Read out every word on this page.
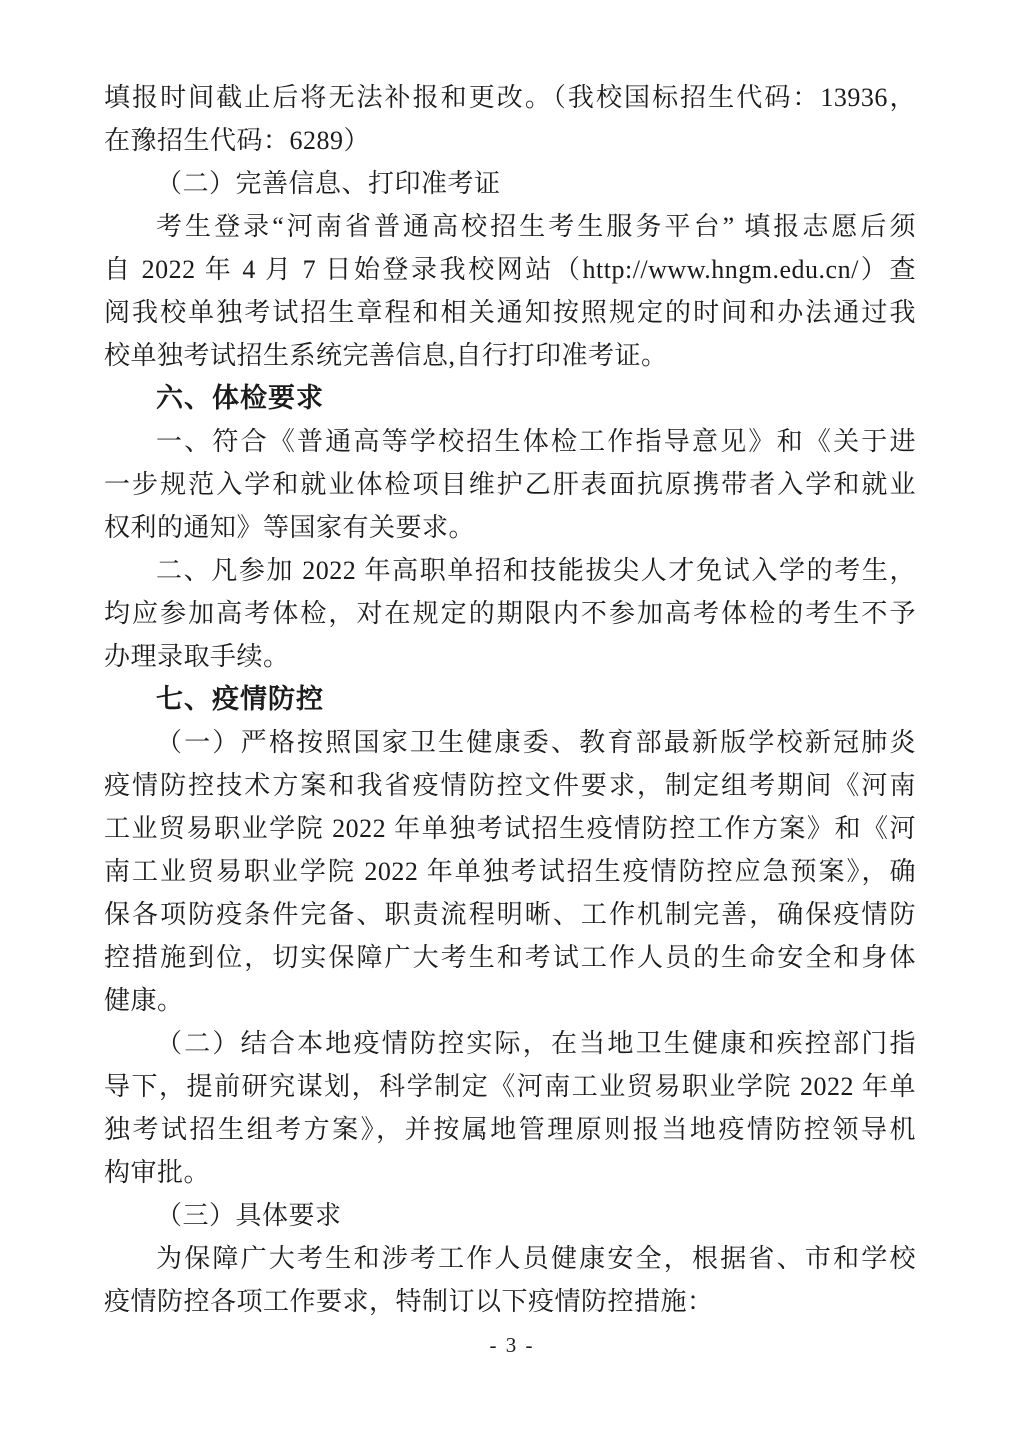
填报时间截止后将无法补报和更改。（我校国标招生代码：13936，
在豫招生代码：6289）
（二）完善信息、打印准考证
考生登录“河南省普通高校招生考生服务平台” 填报志愿后须
自 2022 年 4 月 7 日始登录我校网站（http://www.hngm.edu.cn/）查
阅我校单独考试招生章程和相关通知按照规定的时间和办法通过我
校单独考试招生系统完善信息,自行打印准考证。
六、体检要求
一、符合《普通高等学校招生体检工作指导意见》和《关于进
一步规范入学和就业体检项目维护乙肝表面抗原携带者入学和就业
权利的通知》等国家有关要求。
二、凡参加 2022 年高职单招和技能拔尖人才免试入学的考生，
均应参加高考体检，对在规定的期限内不参加高考体检的考生不予
办理录取手续。
七、疫情防控
（一）严格按照国家卫生健康委、教育部最新版学校新冠肺炎
疫情防控技术方案和我省疫情防控文件要求，制定组考期间《河南
工业贸易职业学院 2022 年单独考试招生疫情防控工作方案》和《河
南工业贸易职业学院 2022 年单独考试招生疫情防控应急预案》，确
保各项防疫条件完备、职责流程明晰、工作机制完善，确保疫情防
控措施到位，切实保障广大考生和考试工作人员的生命安全和身体
健康。
（二）结合本地疫情防控实际，在当地卫生健康和疾控部门指
导下，提前研究谋划，科学制定《河南工业贸易职业学院 2022 年单
独考试招生组考方案》，并按属地管理原则报当地疫情防控领导机
构审批。
（三）具体要求
为保障广大考生和涉考工作人员健康安全，根据省、市和学校
疫情防控各项工作要求，特制订以下疫情防控措施：
- 3 -
